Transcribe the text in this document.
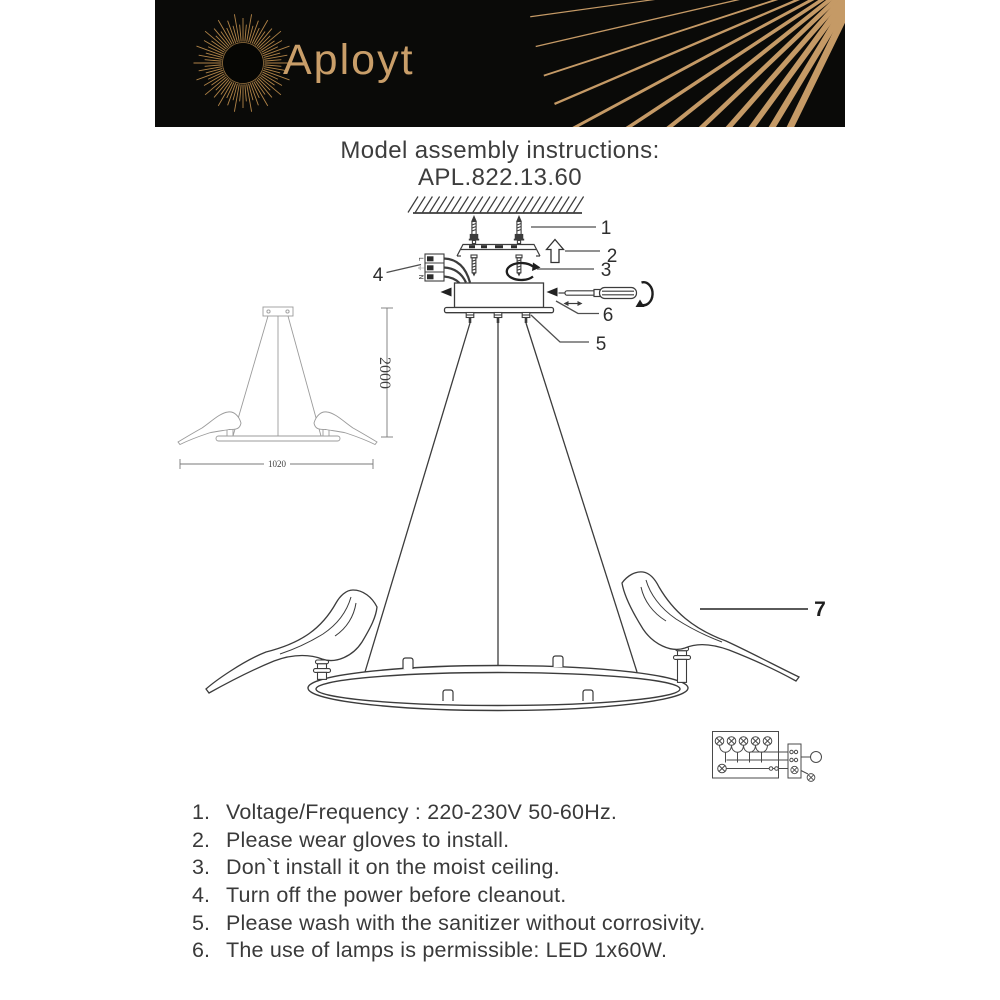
Aployt
Model assembly instructions:
APL.822.13.60
L
⏚
N
1
2
3
4
5
6
7
2000
1020
1. Voltage/Frequency : 220-230V 50-60Hz.
2. Please wear gloves to install.
3. Don`t install it on the moist ceiling.
4. Turn off the power before cleanout.
5. Please wash with the sanitizer without corrosivity.
6. The use of lamps is permissible: LED 1x60W.
